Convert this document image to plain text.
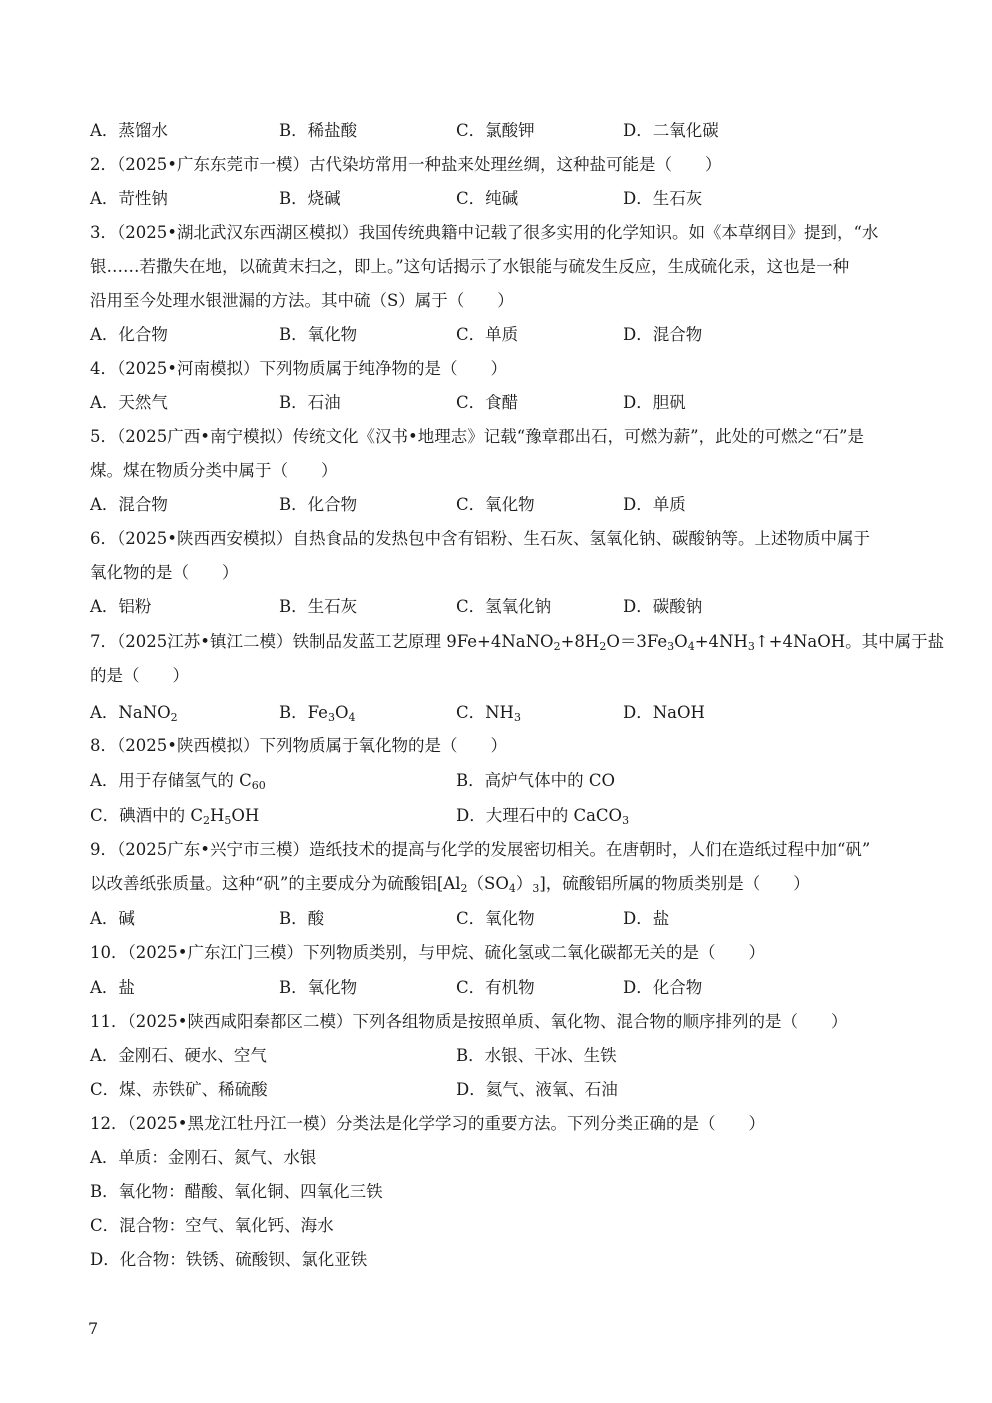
A．蒸馏水	B．稀盐酸	C．氯酸钾	D．二氧化碳
2．（2025•广东东莞市一模）古代染坊常用一种盐来处理丝绸，这种盐可能是（　　）
A．苛性钠	B．烧碱	C．纯碱	D．生石灰
3．（2025•湖北武汉东西湖区模拟）我国传统典籍中记载了很多实用的化学知识。如《本草纲目》提到，“水
银……若撒失在地，以硫黄末扫之，即上。”这句话揭示了水银能与硫发生反应，生成硫化汞，这也是一种
沿用至今处理水银泄漏的方法。其中硫（S）属于（　　）
A．化合物	B．氧化物	C．单质	D．混合物
4．（2025•河南模拟）下列物质属于纯净物的是（　　）
A．天然气	B．石油	C．食醋	D．胆矾
5．（2025广西•南宁模拟）传统文化《汉书•地理志》记载“豫章郡出石，可燃为薪”，此处的可燃之“石”是
煤。煤在物质分类中属于（　　）
A．混合物	B．化合物	C．氧化物	D．单质
6．（2025•陕西西安模拟）自热食品的发热包中含有铝粉、生石灰、氢氧化钠、碳酸钠等。上述物质中属于
氧化物的是（　　）
A．铝粉	B．生石灰	C．氢氧化钠	D．碳酸钠
7．（2025江苏•镇江二模）铁制品发蓝工艺原理 $9Fe+4NaNO_2+8H_2O=3Fe_3O_4+4NH_3↑+4NaOH$。其中属于盐
的是（　　）
A．NaNO$_2$	B．$Fe_3O_4$	C．$NH_3$	D．NaOH
8．（2025•陕西模拟）下列物质属于氧化物的是（　　）
A．用于存储氢气的 $C_{60}$	B．高炉气体中的 CO
C．碘酒中的 $C_2H_5OH$	D．大理石中的 CaCO$_3$
9．（2025广东•兴宁市三模）造纸技术的提高与化学的发展密切相关。在唐朝时，人们在造纸过程中加“矾”
以改善纸张质量。这种“矾”的主要成分为硫酸铝$[Al_2(SO_4)_3]$，硫酸铝所属的物质类别是（　　）
A．碱	B．酸	C．氧化物	D．盐
10．（2025•广东江门三模）下列物质类别，与甲烷、硫化氢或二氧化碳都无关的是（　　）
A．盐	B．氧化物	C．有机物	D．化合物
11．（2025•陕西咸阳秦都区二模）下列各组物质是按照单质、氧化物、混合物的顺序排列的是（　　）
A．金刚石、硬水、空气	B．水银、干冰、生铁
C．煤、赤铁矿、稀硫酸	D．氦气、液氧、石油
12．（2025•黑龙江牡丹江一模）分类法是化学学习的重要方法。下列分类正确的是（　　）
A．单质：金刚石、氮气、水银
B．氧化物：醋酸、氧化铜、四氧化三铁
C．混合物：空气、氧化钙、海水
D．化合物：铁锈、硫酸钡、氯化亚铁
7
